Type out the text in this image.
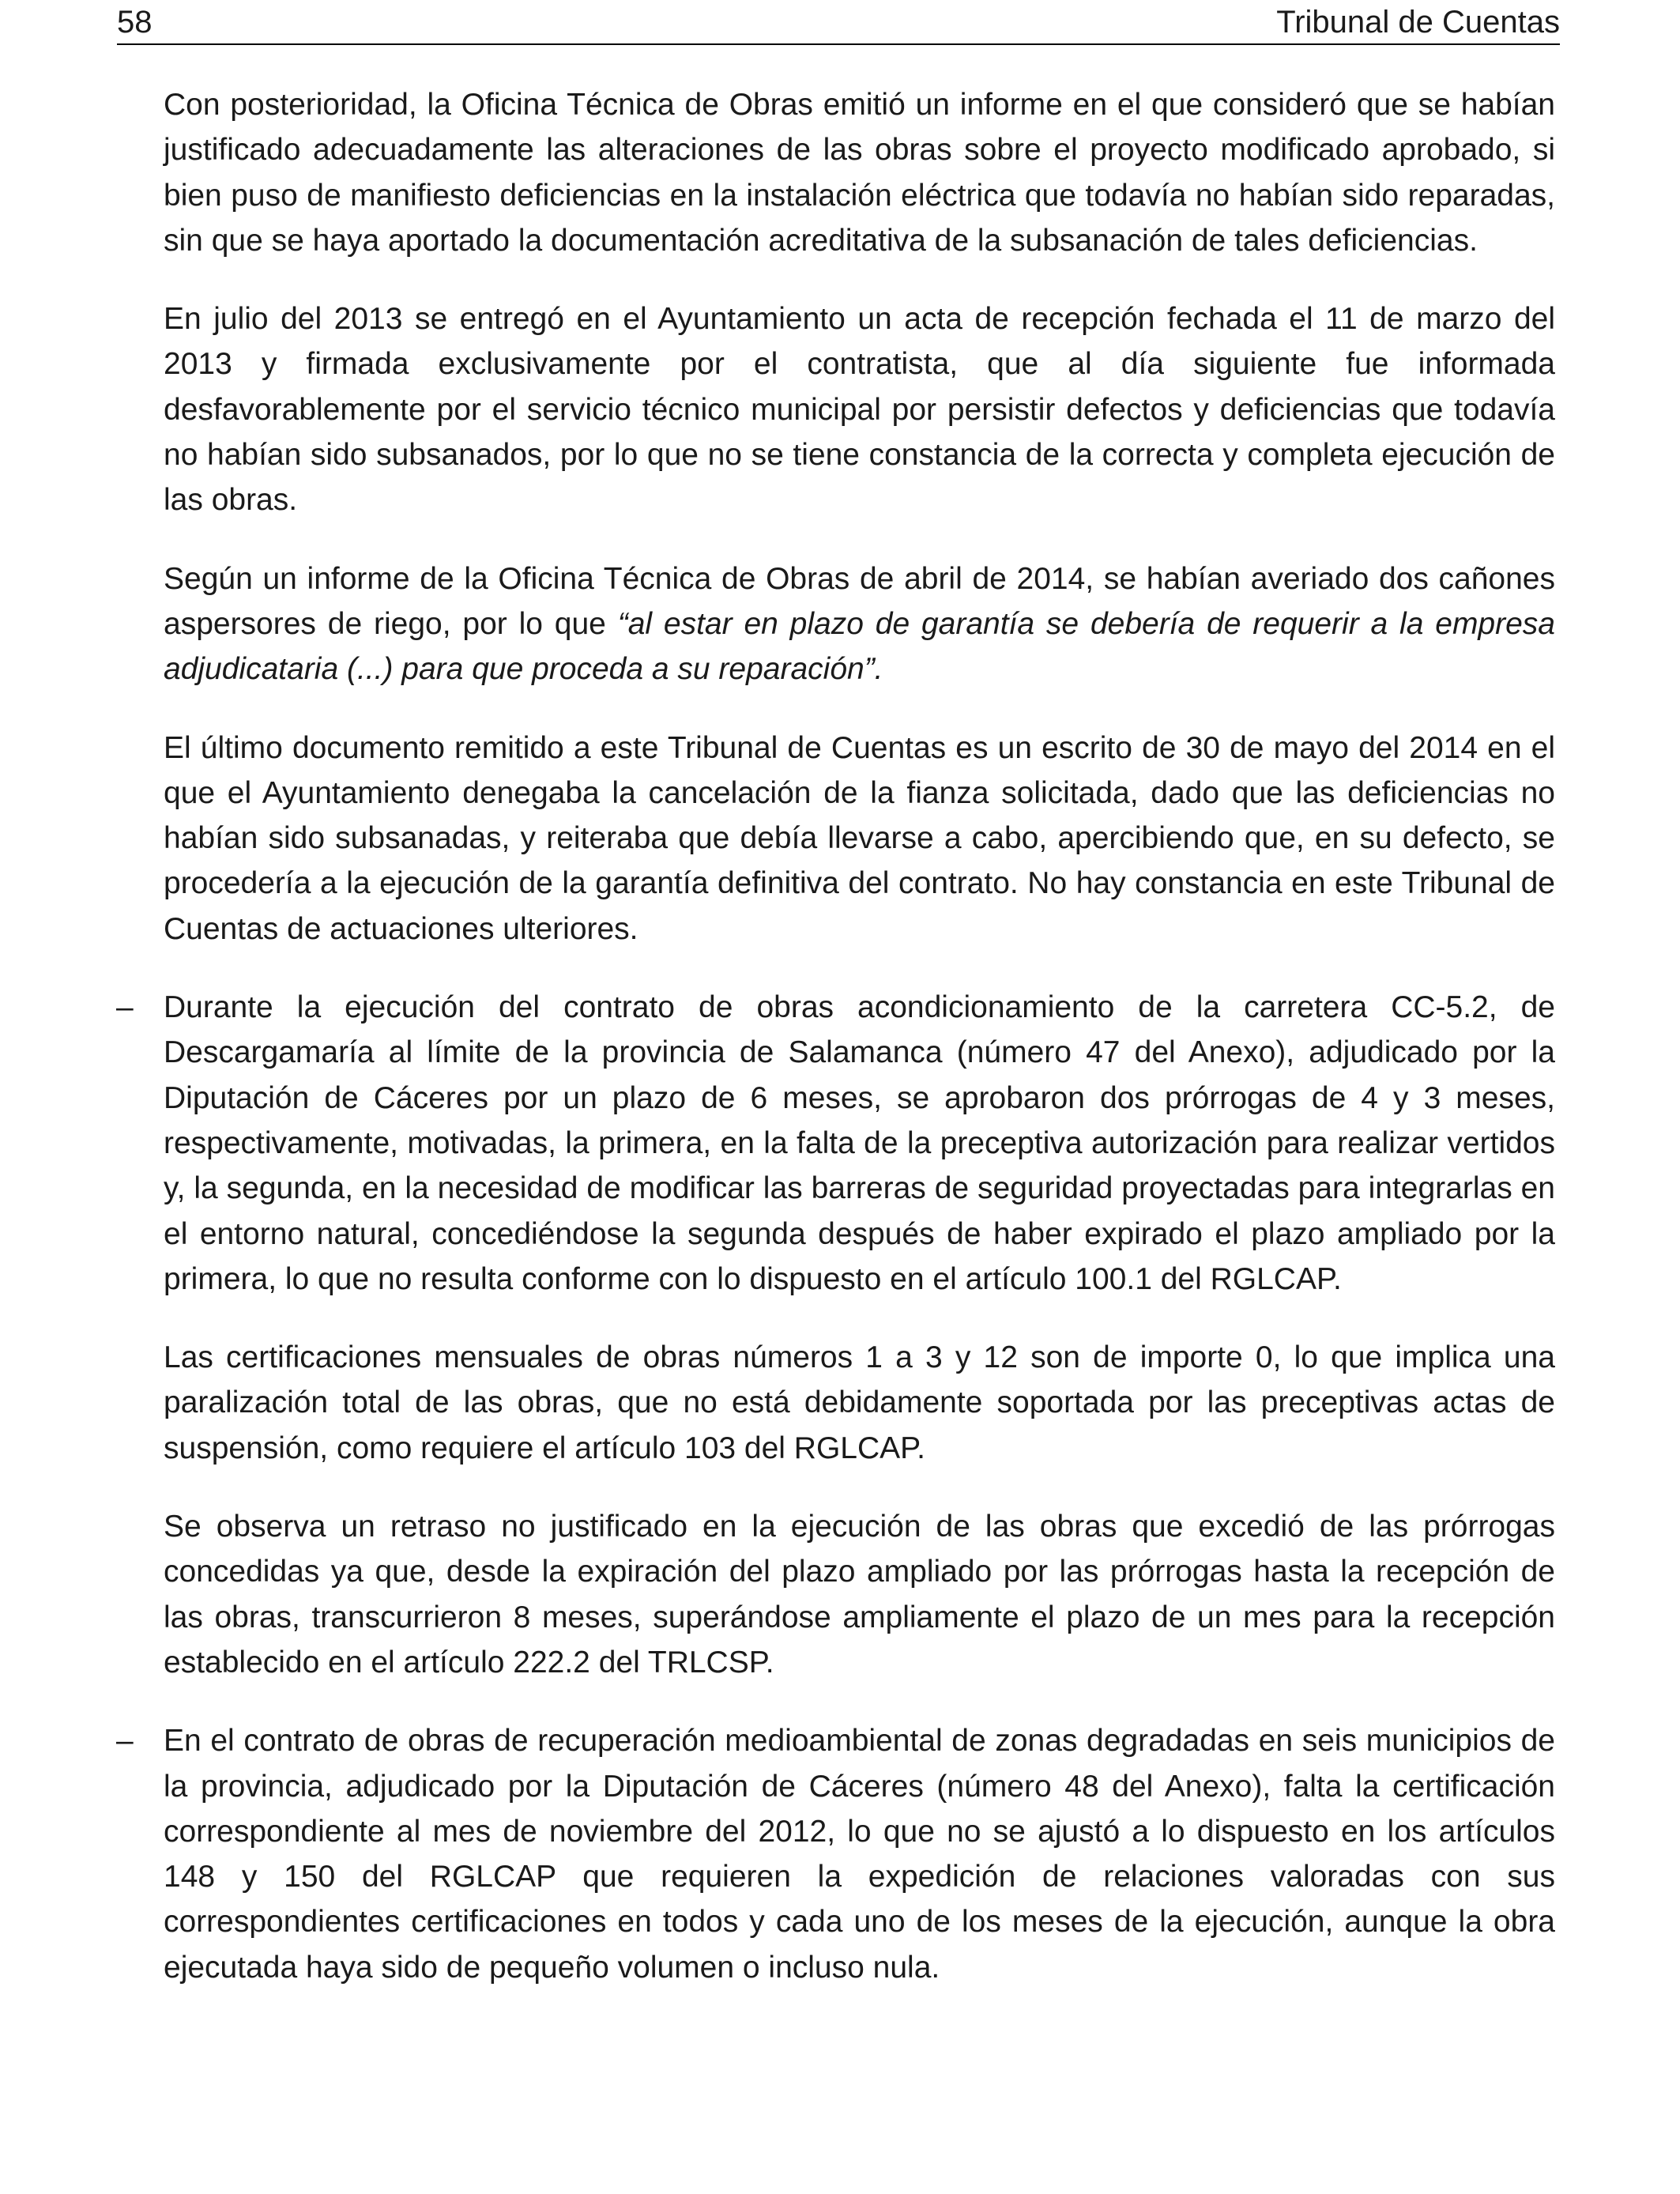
58	Tribunal de Cuentas

Con posterioridad, la Oficina Técnica de Obras emitió un informe en el que consideró que se habían justificado adecuadamente las alteraciones de las obras sobre el proyecto modificado aprobado, si bien puso de manifiesto deficiencias en la instalación eléctrica que todavía no habían sido reparadas, sin que se haya aportado la documentación acreditativa de la subsanación de tales deficiencias.

En julio del 2013 se entregó en el Ayuntamiento un acta de recepción fechada el 11 de marzo del 2013 y firmada exclusivamente por el contratista, que al día siguiente fue informada desfavorablemente por el servicio técnico municipal por persistir defectos y deficiencias que todavía no habían sido subsanados, por lo que no se tiene constancia de la correcta y completa ejecución de las obras.

Según un informe de la Oficina Técnica de Obras de abril de 2014, se habían averiado dos cañones aspersores de riego, por lo que “al estar en plazo de garantía se debería de requerir a la empresa adjudicataria (...) para que proceda a su reparación”.

El último documento remitido a este Tribunal de Cuentas es un escrito de 30 de mayo del 2014 en el que el Ayuntamiento denegaba la cancelación de la fianza solicitada, dado que las deficiencias no habían sido subsanadas, y reiteraba que debía llevarse a cabo, apercibiendo que, en su defecto, se procedería a la ejecución de la garantía definitiva del contrato. No hay constancia en este Tribunal de Cuentas de actuaciones ulteriores.

– Durante la ejecución del contrato de obras acondicionamiento de la carretera CC-5.2, de Descargamaría al límite de la provincia de Salamanca (número 47 del Anexo), adjudicado por la Diputación de Cáceres por un plazo de 6 meses, se aprobaron dos prórrogas de 4 y 3 meses, respectivamente, motivadas, la primera, en la falta de la preceptiva autorización para realizar vertidos y, la segunda, en la necesidad de modificar las barreras de seguridad proyectadas para integrarlas en el entorno natural, concediéndose la segunda después de haber expirado el plazo ampliado por la primera, lo que no resulta conforme con lo dispuesto en el artículo 100.1 del RGLCAP.

Las certificaciones mensuales de obras números 1 a 3 y 12 son de importe 0, lo que implica una paralización total de las obras, que no está debidamente soportada por las preceptivas actas de suspensión, como requiere el artículo 103 del RGLCAP.

Se observa un retraso no justificado en la ejecución de las obras que excedió de las prórrogas concedidas ya que, desde la expiración del plazo ampliado por las prórrogas hasta la recepción de las obras, transcurrieron 8 meses, superándose ampliamente el plazo de un mes para la recepción establecido en el artículo 222.2 del TRLCSP.

– En el contrato de obras de recuperación medioambiental de zonas degradadas en seis municipios de la provincia, adjudicado por la Diputación de Cáceres (número 48 del Anexo), falta la certificación correspondiente al mes de noviembre del 2012, lo que no se ajustó a lo dispuesto en los artículos 148 y 150 del RGLCAP que requieren la expedición de relaciones valoradas con sus correspondientes certificaciones en todos y cada uno de los meses de la ejecución, aunque la obra ejecutada haya sido de pequeño volumen o incluso nula.
